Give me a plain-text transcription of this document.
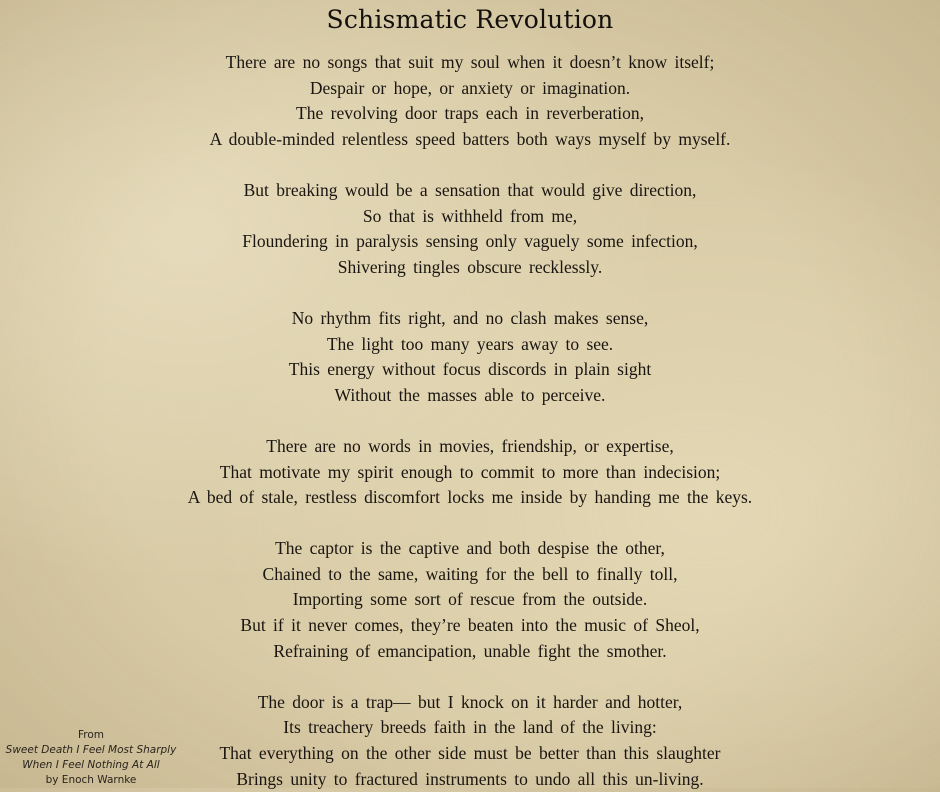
Schismatic Revolution
There are no songs that suit my soul when it doesn’t know itself;
Despair or hope, or anxiety or imagination.
The revolving door traps each in reverberation,
A double-minded relentless speed batters both ways myself by myself.
But breaking would be a sensation that would give direction,
So that is withheld from me,
Floundering in paralysis sensing only vaguely some infection,
Shivering tingles obscure recklessly.
No rhythm fits right, and no clash makes sense,
The light too many years away to see.
This energy without focus discords in plain sight
Without the masses able to perceive.
There are no words in movies, friendship, or expertise,
That motivate my spirit enough to commit to more than indecision;
A bed of stale, restless discomfort locks me inside by handing me the keys.
The captor is the captive and both despise the other,
Chained to the same, waiting for the bell to finally toll,
Importing some sort of rescue from the outside.
But if it never comes, they’re beaten into the music of Sheol,
Refraining of emancipation, unable fight the smother.
The door is a trap— but I knock on it harder and hotter,
Its treachery breeds faith in the land of the living:
That everything on the other side must be better than this slaughter
Brings unity to fractured instruments to undo all this un-living.
From
Sweet Death I Feel Most Sharply
When I Feel Nothing At All
by Enoch Warnke
